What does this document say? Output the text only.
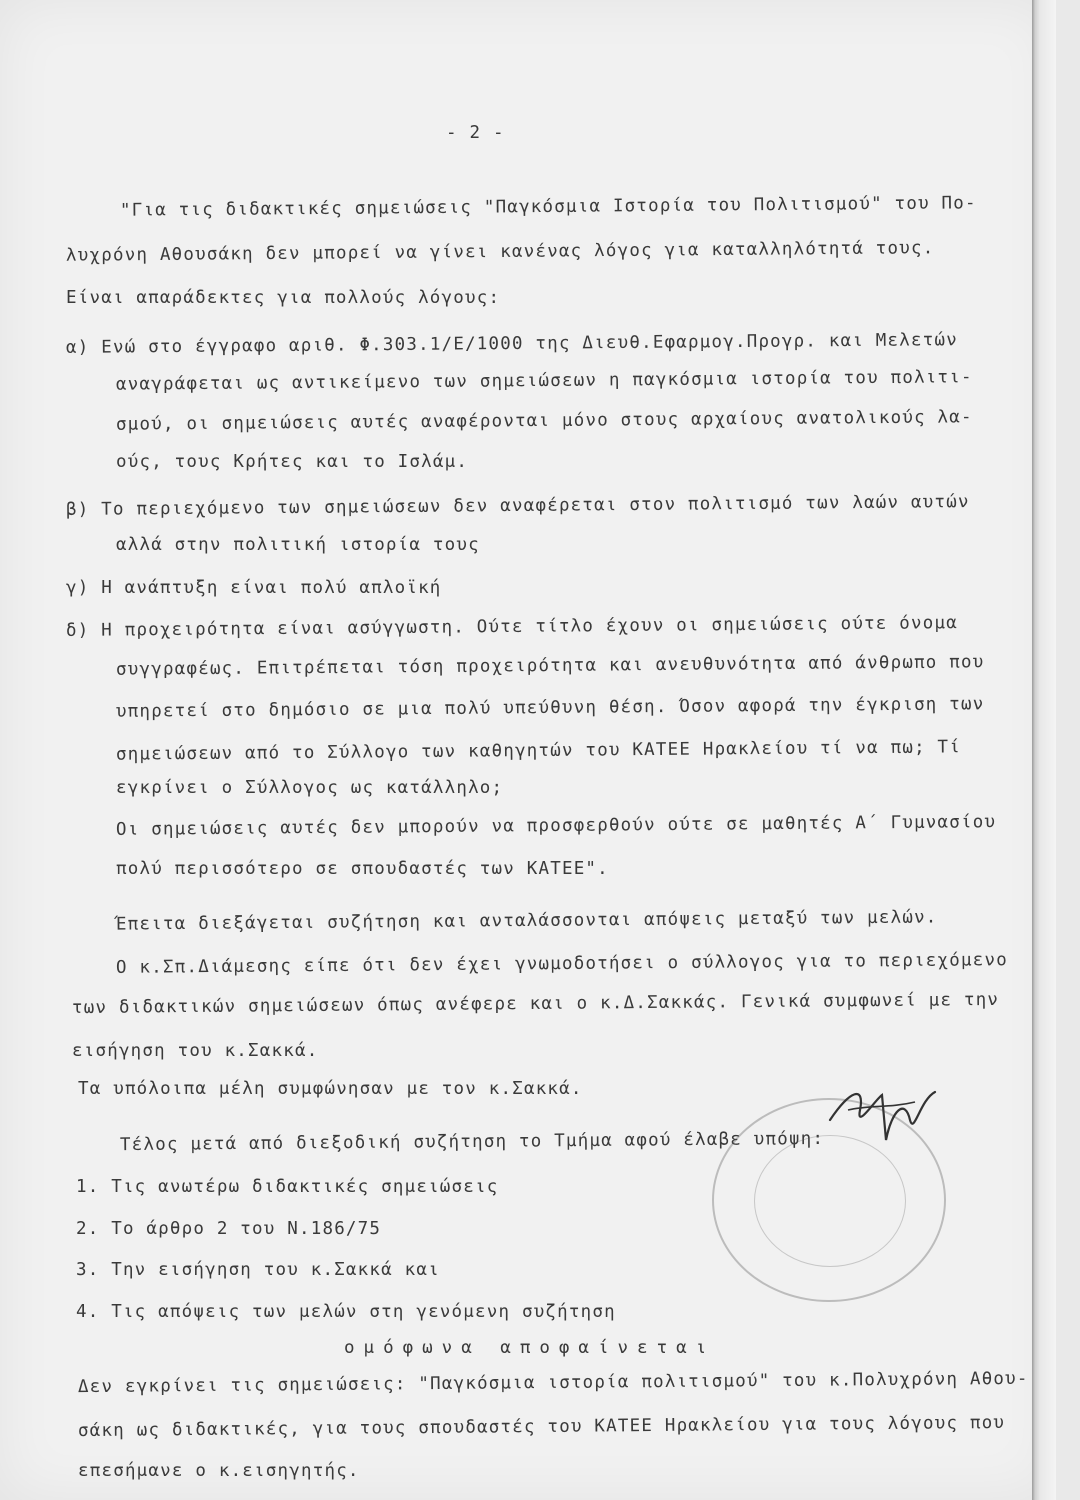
- 2 -
"Για τις διδακτικές σημειώσεις "Παγκόσμια Ιστορία του Πολιτισμού" του Πο-
λυχρόνη Αθουσάκη δεν μπορεί να γίνει κανένας λόγος για καταλληλότητά τους.
Είναι απαράδεκτες για πολλούς λόγους:
α) Ενώ στο έγγραφο αριθ. Φ.303.1/Ε/1000 της Διευθ.Εφαρμογ.Προγρ. και Μελετών
αναγράφεται ως αντικείμενο των σημειώσεων η παγκόσμια ιστορία του πολιτι-
σμού, οι σημειώσεις αυτές αναφέρονται μόνο στους αρχαίους ανατολικούς λα-
ούς, τους Κρήτες και το Ισλάμ.
β) Το περιεχόμενο των σημειώσεων δεν αναφέρεται στον πολιτισμό των λαών αυτών
αλλά στην πολιτική ιστορία τους
γ) Η ανάπτυξη είναι πολύ απλοϊκή
δ) Η προχειρότητα είναι ασύγγωστη. Ούτε τίτλο έχουν οι σημειώσεις ούτε όνομα
συγγραφέως. Επιτρέπεται τόση προχειρότητα και ανευθυνότητα από άνθρωπο που
υπηρετεί στο δημόσιο σε μια πολύ υπεύθυνη θέση. Όσον αφορά την έγκριση των
σημειώσεων από το Σύλλογο των καθηγητών του ΚΑΤΕΕ Ηρακλείου τί να πω; Τί
εγκρίνει ο Σύλλογος ως κατάλληλο;
Οι σημειώσεις αυτές δεν μπορούν να προσφερθούν ούτε σε μαθητές Α΄ Γυμνασίου
πολύ περισσότερο σε σπουδαστές των ΚΑΤΕΕ".
Έπειτα διεξάγεται συζήτηση και ανταλάσσονται απόψεις μεταξύ των μελών.
Ο κ.Σπ.Διάμεσης είπε ότι δεν έχει γνωμοδοτήσει ο σύλλογος για το περιεχόμενο
των διδακτικών σημειώσεων όπως ανέφερε και ο κ.Δ.Σακκάς. Γενικά συμφωνεί με την
εισήγηση του κ.Σακκά.
Τα υπόλοιπα μέλη συμφώνησαν με τον κ.Σακκά.
Τέλος μετά από διεξοδική συζήτηση το Τμήμα αφού έλαβε υπόψη:
1. Τις ανωτέρω διδακτικές σημειώσεις
2. Το άρθρο 2 του Ν.186/75
3. Την εισήγηση του κ.Σακκά και
4. Τις απόψεις των μελών στη γενόμενη συζήτηση
ομόφωνα αποφαίνεται
Δεν εγκρίνει τις σημειώσεις: "Παγκόσμια ιστορία πολιτισμού" του κ.Πολυχρόνη Αθου-
σάκη ως διδακτικές, για τους σπουδαστές του ΚΑΤΕΕ Ηρακλείου για τους λόγους που
επεσήμανε ο κ.εισηγητής.
